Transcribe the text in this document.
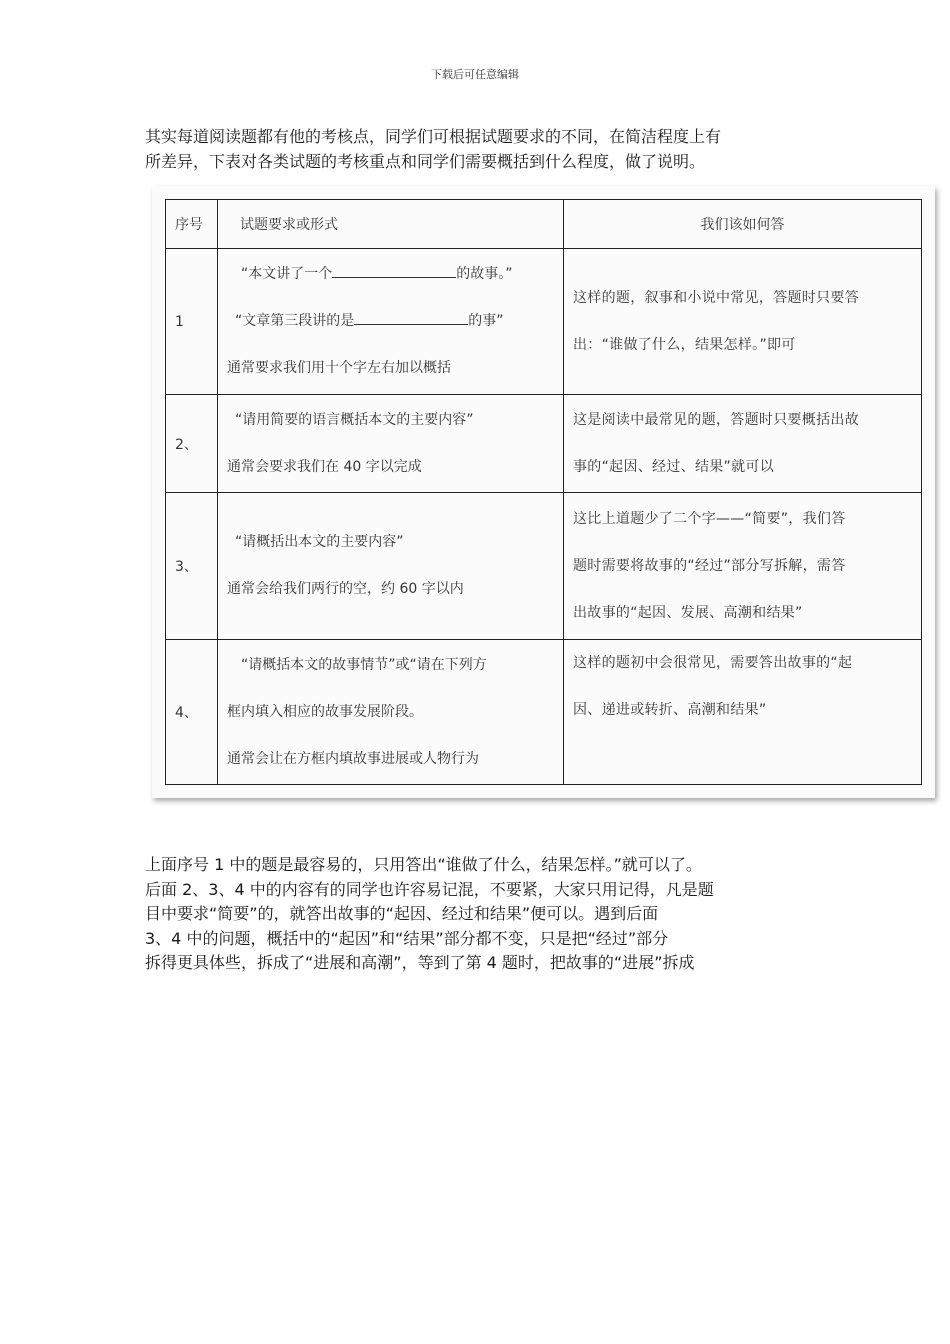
下载后可任意编辑
其实每道阅读题都有他的考核点，同学们可根据试题要求的不同，在简洁程度上有
所差异，下表对各类试题的考核重点和同学们需要概括到什么程度，做了说明。
序号	试题要求或形式	我们该如何答
1	“本文讲了一个 的故事。”
“文章第三段讲的是 的事”
通常要求我们用十个字左右加以概括	这样的题，叙事和小说中常见，答题时只要答
出：“谁做了什么，结果怎样。”即可

2、	“请用简要的语言概括本文的主要内容”
通常会要求我们在 40 字以完成	这是阅读中最常见的题，答题时只要概括出故
事的“起因、经过、结果”就可以

3、	“请概括出本文的主要内容”
通常会给我们两行的空，约 60 字以内	这比上道题少了二个字——“简要”，我们答
题时需要将故事的“经过”部分写拆解，需答
出故事的“起因、发展、高潮和结果”

4、	“请概括本文的故事情节”或“请在下列方
框内填入相应的故事发展阶段。
通常会让在方框内填故事进展或人物行为	这样的题初中会很常见，需要答出故事的“起
因、递进或转折、高潮和结果”
上面序号 1 中的题是最容易的，只用答出“谁做了什么，结果怎样。”就可以了。
后面 2、3、4 中的内容有的同学也许容易记混，不要紧，大家只用记得，凡是题
目中要求“简要”的，就答出故事的“起因、经过和结果”便可以。遇到后面
3、4 中的问题，概括中的“起因”和“结果”部分都不变，只是把“经过”部分
拆得更具体些，拆成了“进展和高潮”，等到了第 4 题时，把故事的“进展”拆成
